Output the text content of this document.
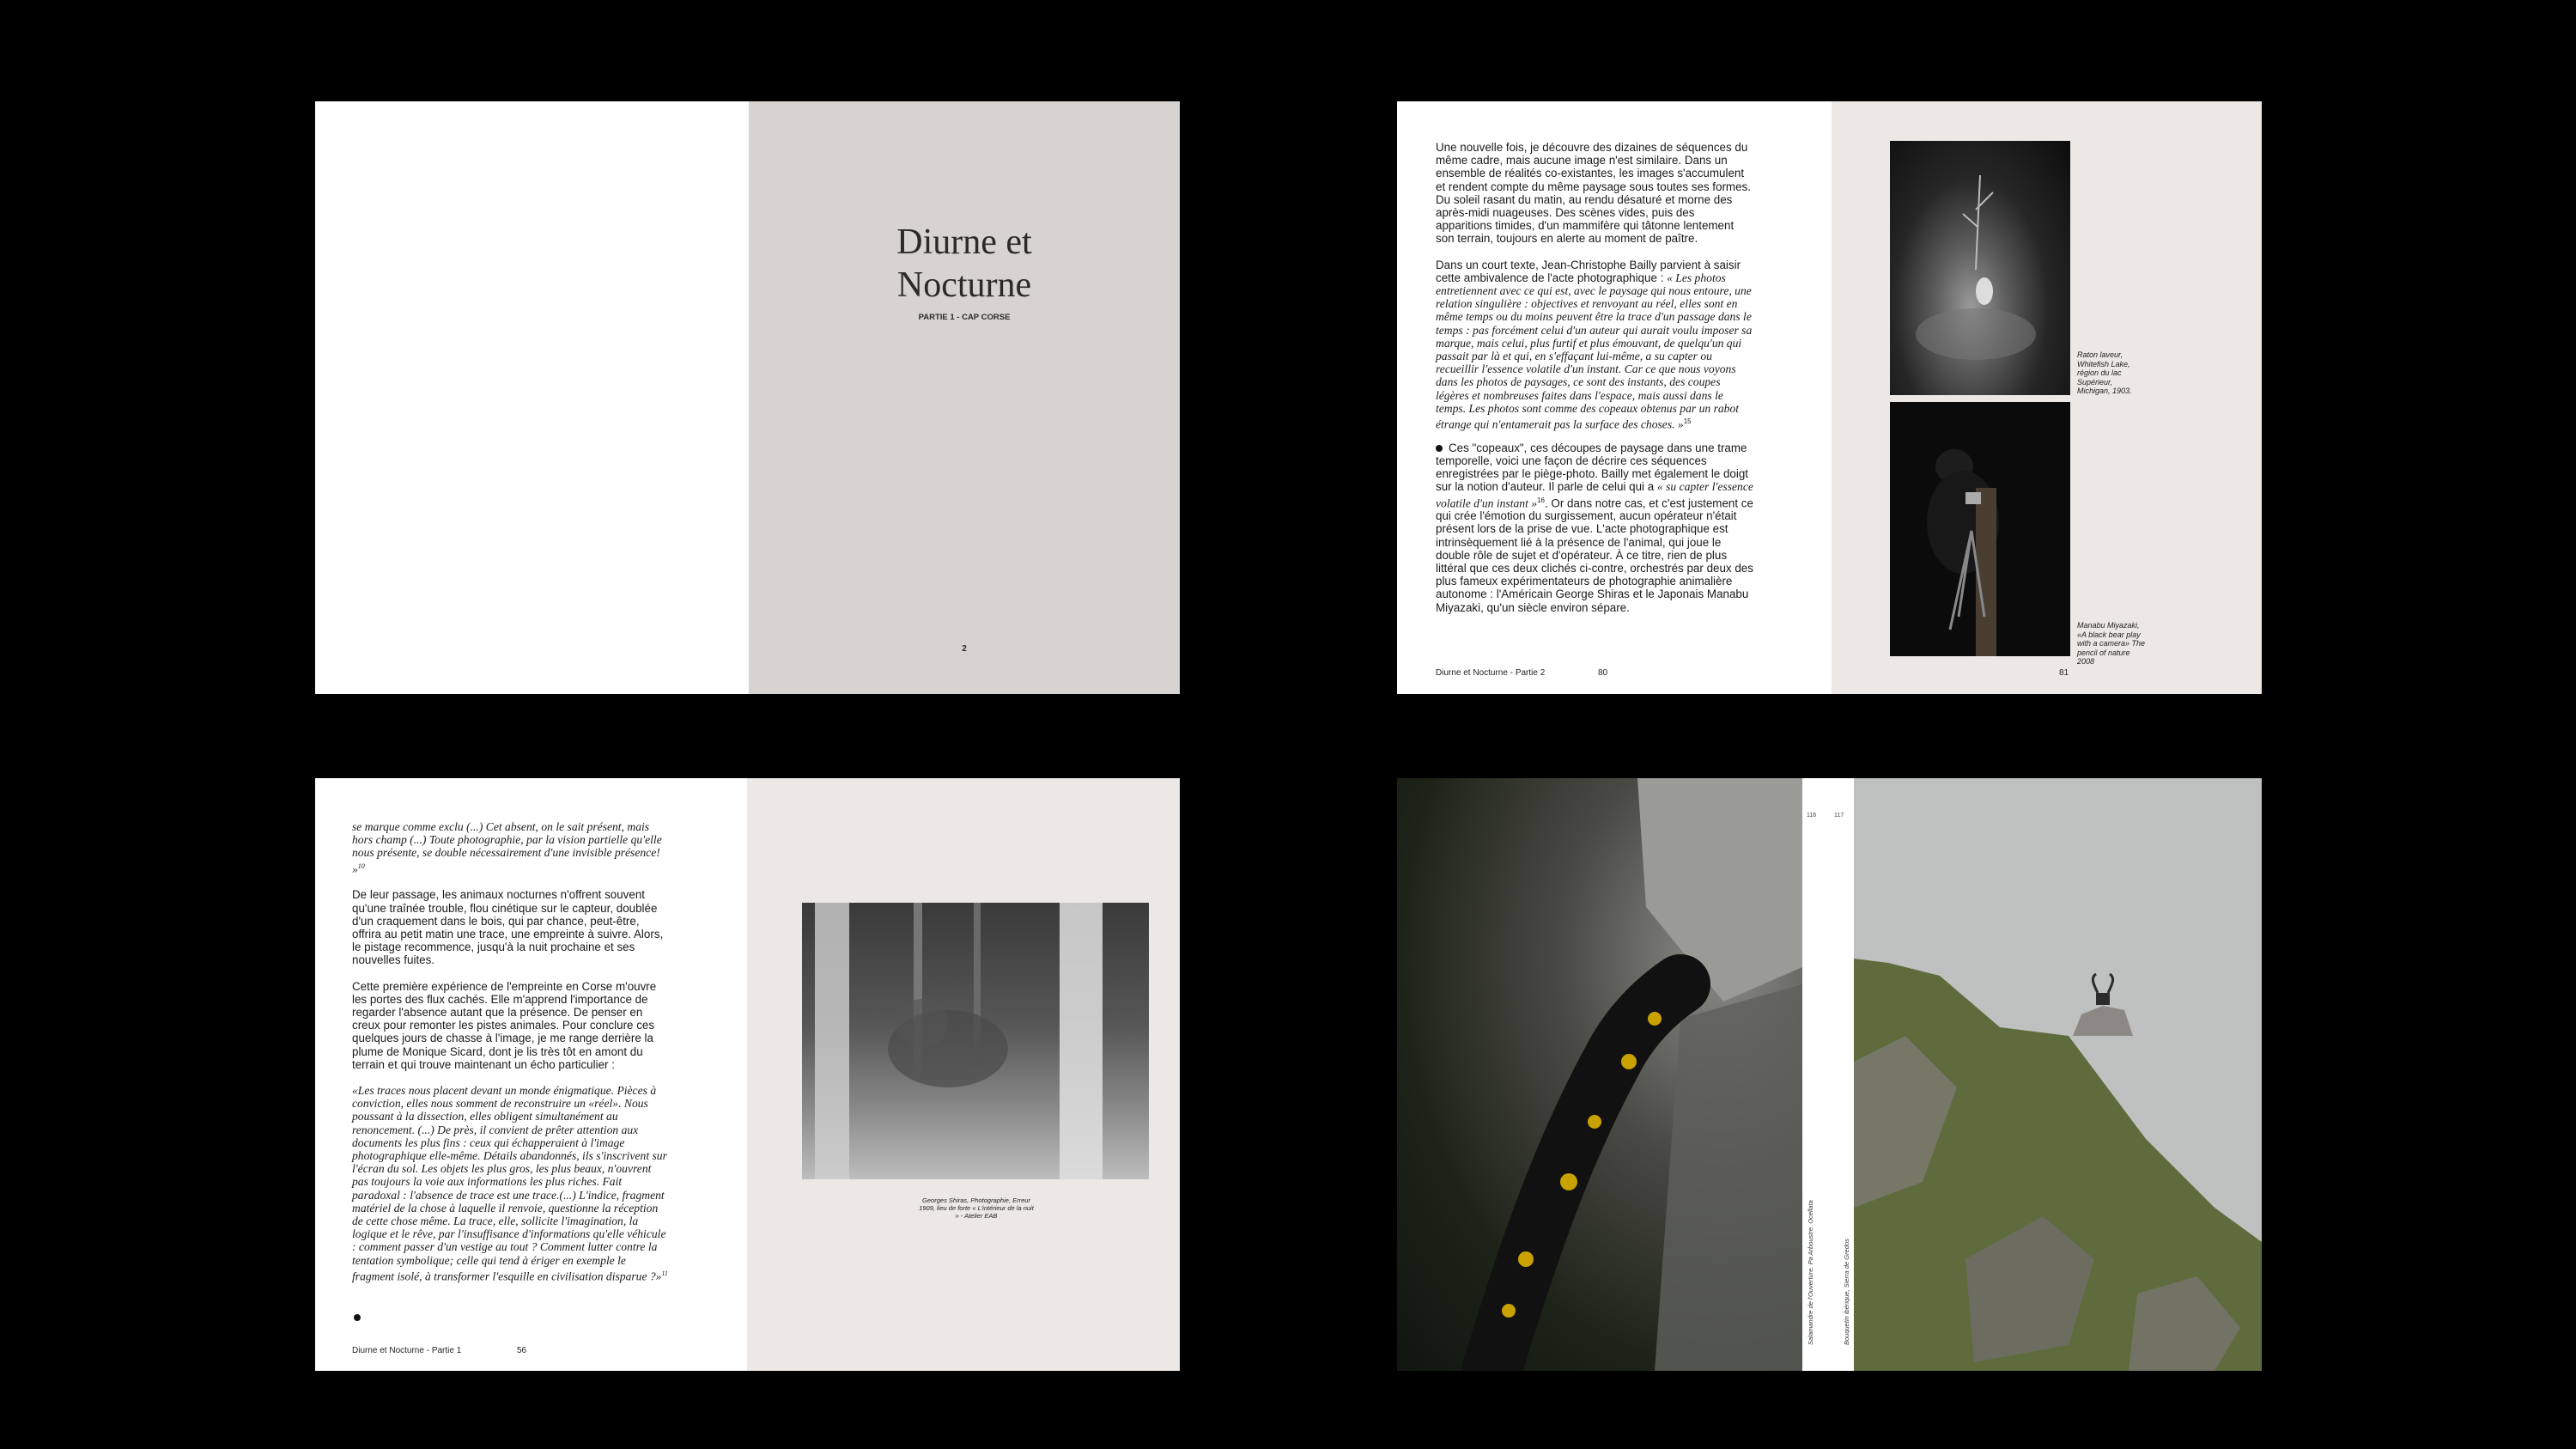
Diurne et
Nocturne
PARTIE 1 - CAP CORSE
2

Une nouvelle fois, je découvre des dizaines de séquences du même cadre, mais aucune image n'est similaire. Dans un ensemble de réalités co-existantes, les images s'accumulent et rendent compte du même paysage sous toutes ses formes. Du soleil rasant du matin, au rendu désaturé et morne des après-midi nuageuses. Des scènes vides, puis des apparitions timides, d'un mammifère qui tâtonne lentement son terrain, toujours en alerte au moment de paître.

Dans un court texte, Jean-Christophe Bailly parvient à saisir cette ambivalence de l'acte photographique : « Les photos entretiennent avec ce qui est, avec le paysage qui nous entoure, une relation singulière : objectives et renvoyant au réel, elles sont en même temps ou du moins peuvent être la trace d'un passage dans le temps : pas forcément celui d'un auteur qui aurait voulu imposer sa marque, mais celui, plus furtif et plus émouvant, de quelqu'un qui passait par là et qui, en s'effaçant lui-même, a su capter ou recueillir l'essence volatile d'un instant. Car ce que nous voyons dans les photos de paysages, ce sont des instants, des coupes légères et nombreuses faites dans l'espace, mais aussi dans le temps. Les photos sont comme des copeaux obtenus par un rabot étrange qui n'entamerait pas la surface des choses. »$^{15}$

Ces "copeaux", ces découpes de paysage dans une trame temporelle, voici une façon de décrire ces séquences enregistrées par le piège-photo. Bailly met également le doigt sur la notion d'auteur. Il parle de celui qui a « su capter l'essence volatile d'un instant »$^{16}$. Or dans notre cas, et c'est justement ce qui crée l'émotion du surgissement, aucun opérateur n'était présent lors de la prise de vue. L'acte photographique est intrinsèquement lié à la présence de l'animal, qui joue le double rôle de sujet et d'opérateur. À ce titre, rien de plus littéral que ces deux clichés ci-contre, orchestrés par deux des plus fameux expérimentateurs de photographie animalière autonome : l'Américain George Shiras et le Japonais Manabu Miyazaki, qu'un siècle environ sépare.

Diurne et Nocturne - Partie 2	80
Raton laveur, Whitefish Lake, région du lac Supérieur, Michigan, 1903.
Manabu Miyazaki, «A black bear play with a camera» The pencil of nature 2008
81

se marque comme exclu (...) Cet absent, on le sait présent, mais hors champ (...) Toute photographie, par la vision partielle qu'elle nous présente, se double nécessairement d'une invisible présence! »$^{10}$

De leur passage, les animaux nocturnes n'offrent souvent qu'une traînée trouble, flou cinétique sur le capteur, doublée d'un craquement dans le bois, qui par chance, peut-être, offrira au petit matin une trace, une empreinte à suivre. Alors, le pistage recommence, jusqu'à la nuit prochaine et ses nouvelles fuites.

Cette première expérience de l'empreinte en Corse m'ouvre les portes des flux cachés. Elle m'apprend l'importance de regarder l'absence autant que la présence. De penser en creux pour remonter les pistes animales. Pour conclure ces quelques jours de chasse à l'image, je me range derrière la plume de Monique Sicard, dont je lis très tôt en amont du terrain et qui trouve maintenant un écho particulier :

«Les traces nous placent devant un monde énigmatique. Pièces à conviction, elles nous somment de reconstruire un «réel». Nous poussant à la dissection, elles obligent simultanément au renoncement. (...) De près, il convient de prêter attention aux documents les plus fins : ceux qui échapperaient à l'image photographique elle-même. Détails abandonnés, ils s'inscrivent sur l'écran du sol. Les objets les plus gros, les plus beaux, n'ouvrent pas toujours la voie aux informations les plus riches. Fait paradoxal : l'absence de trace est une trace.(...) L'indice, fragment matériel de la chose à laquelle il renvoie, questionne la réception de cette chose même. La trace, elle, sollicite l'imagination, la logique et le rêve, par l'insuffisance d'informations qu'elle véhicule : comment passer d'un vestige au tout ? Comment lutter contre la tentation symbolique; celle qui tend à ériger en exemple le fragment isolé, à transformer l'esquille en civilisation disparue ?»$^{11}$

Diurne et Nocturne - Partie 1	56
Georges Shiras, Photographie, Erreur 1909, lieu de forte « L'intérieur de la nuit » - Atelier EAB
116	117
Salamandre de l'Ouverture. Pa Arboustre. Ocellata	Bouquetin ibérique, Sierra de Gredos
